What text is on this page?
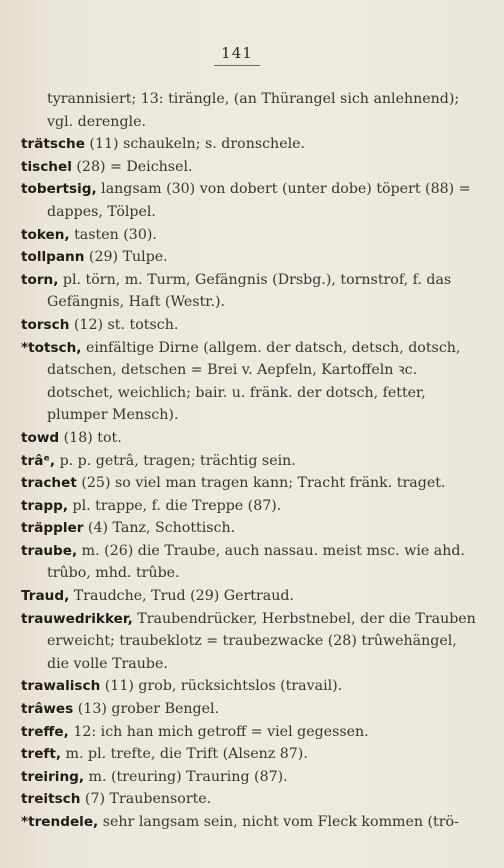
141

tyrannisiert; 13: tirängle, (an Thürangel sich anlehnend); vgl. derengle.

trätsche (11) schaukeln; s. dronschele.

tischel (28) = Deichsel.

tobertsig, langsam (30) von dobert (unter dobe) töpert (88) = dappes, Tölpel.

token, tasten (30).

tollpann (29) Tulpe.

torn, pl. törn, m. Turm, Gefängnis (Drsbg.), tornstrof, f. das Gefängnis, Haft (Westr.).

torsch (12) st. totsch.

*totsch, einfältige Dirne (allgem. der datsch, detsch, dotsch, datschen, detschen = Brei v. Aepfeln, Kartoffeln ꝛc. dotschet, weichlich; bair. u. fränk. der dotsch, fetter, plumper Mensch).

towd (18) tot.

trâᵉ, p. p. getrâ, tragen; trächtig sein.

trachet (25) so viel man tragen kann; Tracht fränk. traget.

trapp, pl. trappe, f. die Treppe (87).

träppler (4) Tanz, Schottisch.

traube, m. (26) die Traube, auch nassau. meist msc. wie ahd. trûbo, mhd. trûbe.

Traud, Traudche, Trud (29) Gertraud.

trauwedrikker, Traubendrücker, Herbstnebel, der die Trauben erweicht; traubeklotz = traubezwacke (28) trûwehängel, die volle Traube.

trawalisch (11) grob, rücksichtslos (travail).

trâwes (13) grober Bengel.

treffe, 12: ich han mich getroff = viel gegessen.

treft, m. pl. trefte, die Trift (Alsenz 87).

treiring, m. (treuring) Trauring (87).

treitsch (7) Traubensorte.

*trendele, sehr langsam sein, nicht vom Fleck kommen (trö-
